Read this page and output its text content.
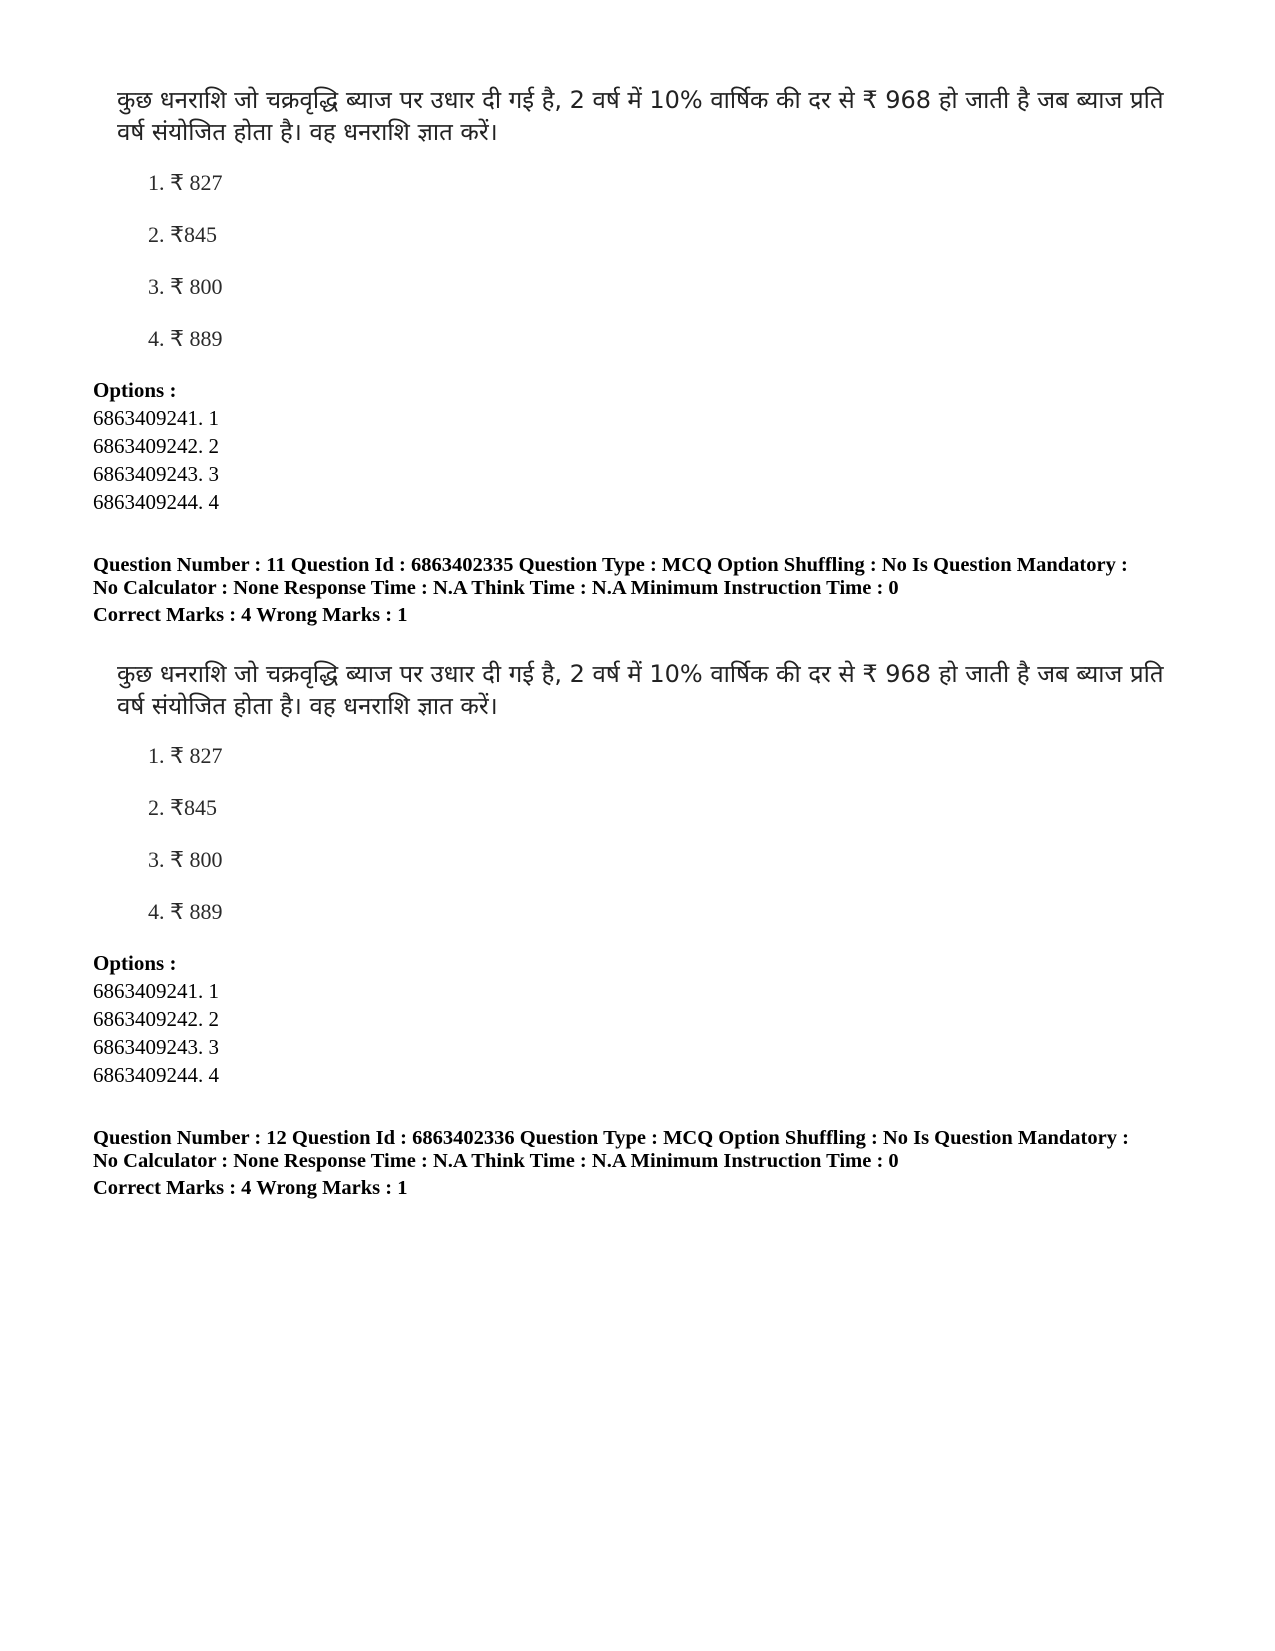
कुछ धनराशि जो चक्रवृद्धि ब्याज पर उधार दी गई है, 2 वर्ष में 10% वार्षिक की दर से ₹ 968 हो जाती है जब ब्याज प्रति वर्ष संयोजित होता है। वह धनराशि ज्ञात करें।
1. ₹ 827
2. ₹845
3. ₹ 800
4. ₹ 889
Options :
6863409241. 1
6863409242. 2
6863409243. 3
6863409244. 4
Question Number : 11 Question Id : 6863402335 Question Type : MCQ Option Shuffling : No Is Question Mandatory :
No Calculator : None Response Time : N.A Think Time : N.A Minimum Instruction Time : 0
Correct Marks : 4 Wrong Marks : 1
कुछ धनराशि जो चक्रवृद्धि ब्याज पर उधार दी गई है, 2 वर्ष में 10% वार्षिक की दर से ₹ 968 हो जाती है जब ब्याज प्रति वर्ष संयोजित होता है। वह धनराशि ज्ञात करें।
1. ₹ 827
2. ₹845
3. ₹ 800
4. ₹ 889
Options :
6863409241. 1
6863409242. 2
6863409243. 3
6863409244. 4
Question Number : 12 Question Id : 6863402336 Question Type : MCQ Option Shuffling : No Is Question Mandatory :
No Calculator : None Response Time : N.A Think Time : N.A Minimum Instruction Time : 0
Correct Marks : 4 Wrong Marks : 1
